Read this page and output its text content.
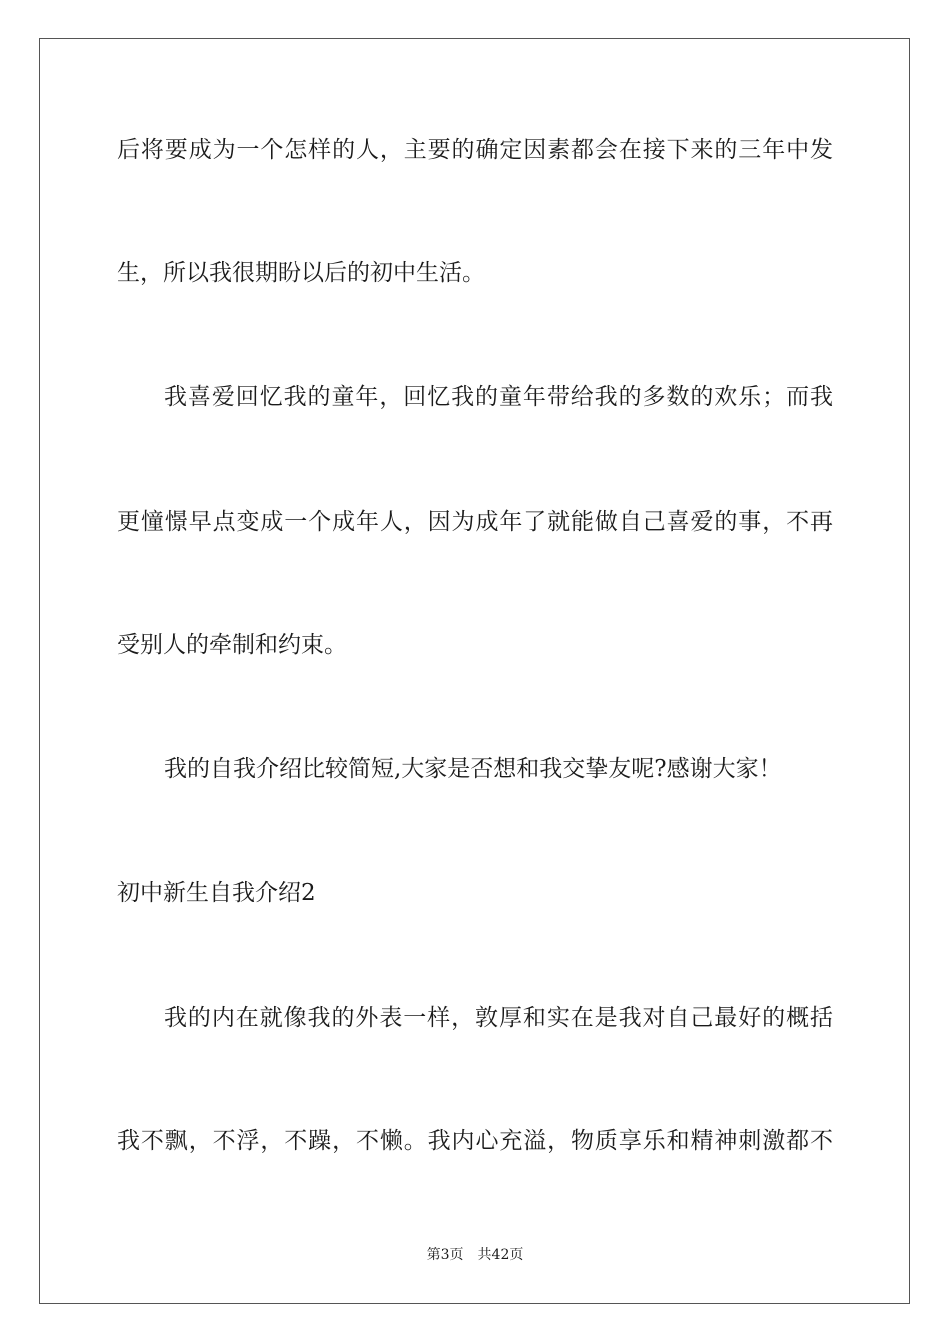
后将要成为一个怎样的人，主要的确定因素都会在接下来的三年中发
生，所以我很期盼以后的初中生活。
我喜爱回忆我的童年，回忆我的童年带给我的多数的欢乐；而我
更憧憬早点变成一个成年人，因为成年了就能做自己喜爱的事，不再
受别人的牵制和约束。
我的自我介绍比较简短,大家是否想和我交挚友呢?感谢大家！
初中新生自我介绍2
我的内在就像我的外表一样，敦厚和实在是我对自己最好的概括
我不飘，不浮，不躁，不懒。我内心充溢，物质享乐和精神刺激都不
第3页　共42页
